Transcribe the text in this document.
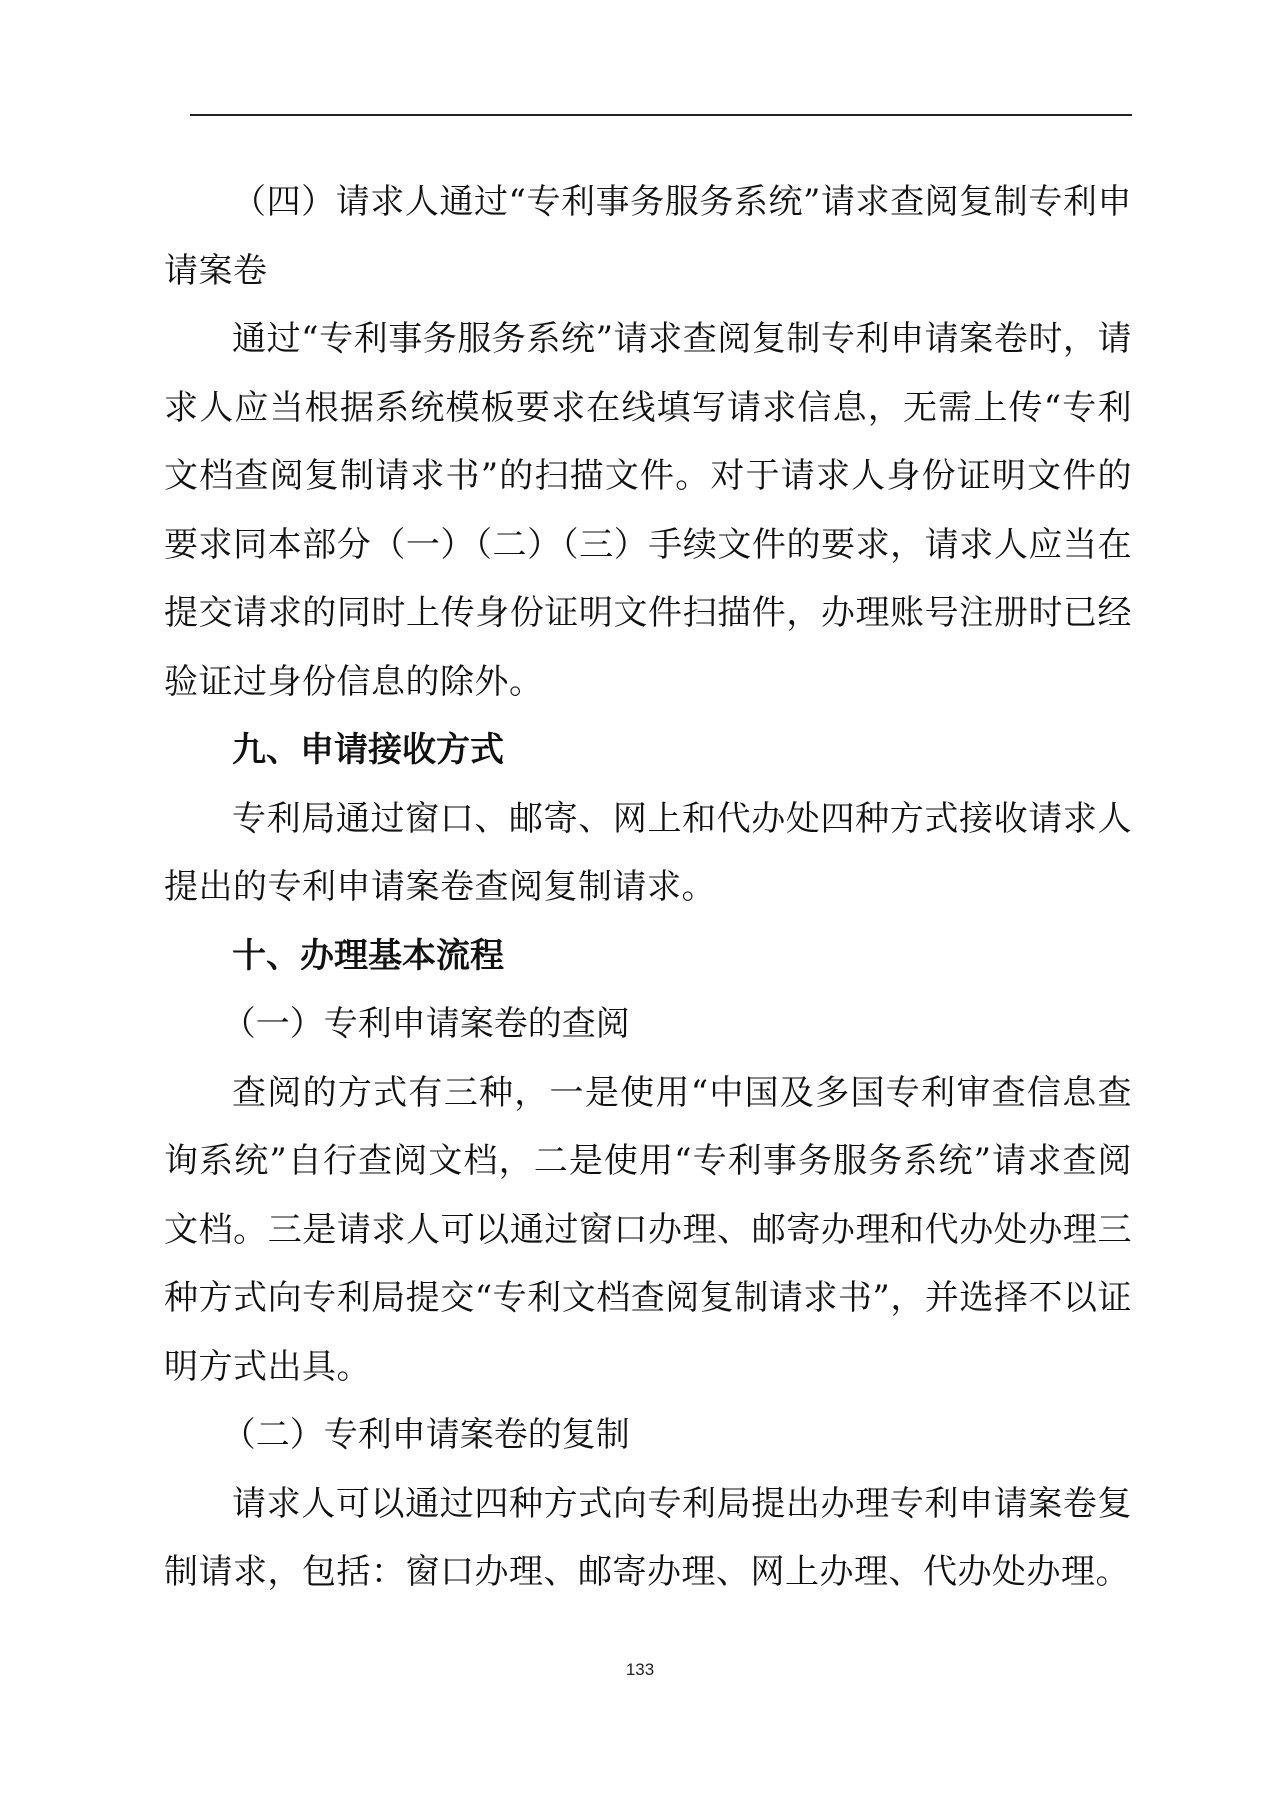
（四）请求人通过“专利事务服务系统”请求查阅复制专利申请案卷

通过“专利事务服务系统”请求查阅复制专利申请案卷时，请求人应当根据系统模板要求在线填写请求信息，无需上传“专利文档查阅复制请求书”的扫描文件。对于请求人身份证明文件的要求同本部分（一）（二）（三）手续文件的要求，请求人应当在提交请求的同时上传身份证明文件扫描件，办理账号注册时已经验证过身份信息的除外。

九、申请接收方式

专利局通过窗口、邮寄、网上和代办处四种方式接收请求人提出的专利申请案卷查阅复制请求。

十、办理基本流程

（一）专利申请案卷的查阅

查阅的方式有三种，一是使用“中国及多国专利审查信息查询系统”自行查阅文档，二是使用“专利事务服务系统”请求查阅文档。三是请求人可以通过窗口办理、邮寄办理和代办处办理三种方式向专利局提交“专利文档查阅复制请求书”，并选择不以证明方式出具。

（二）专利申请案卷的复制

请求人可以通过四种方式向专利局提出办理专利申请案卷复制请求，包括：窗口办理、邮寄办理、网上办理、代办处办理。

133
